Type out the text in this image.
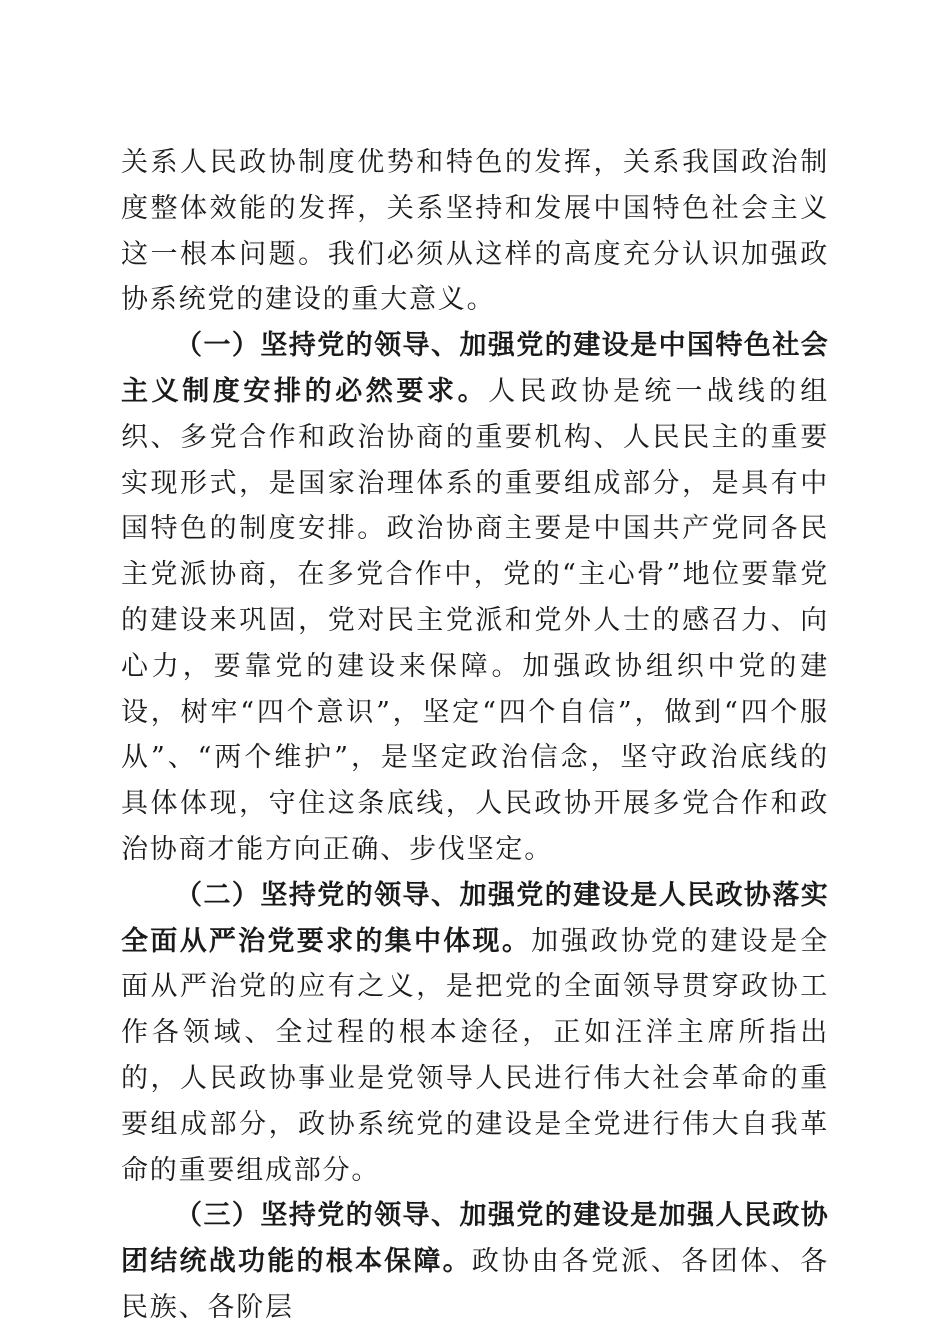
关系人民政协制度优势和特色的发挥，关系我国政治制度整体效能的发挥，关系坚持和发展中国特色社会主义这一根本问题。我们必须从这样的高度充分认识加强政协系统党的建设的重大意义。

（一）坚持党的领导、加强党的建设是中国特色社会主义制度安排的必然要求。人民政协是统一战线的组织、多党合作和政治协商的重要机构、人民民主的重要实现形式，是国家治理体系的重要组成部分，是具有中国特色的制度安排。政治协商主要是中国共产党同各民主党派协商，在多党合作中，党的“主心骨”地位要靠党的建设来巩固，党对民主党派和党外人士的感召力、向心力，要靠党的建设来保障。加强政协组织中党的建设，树牢“四个意识”，坚定“四个自信”，做到“四个服从”、“两个维护”，是坚定政治信念，坚守政治底线的具体体现，守住这条底线，人民政协开展多党合作和政治协商才能方向正确、步伐坚定。

（二）坚持党的领导、加强党的建设是人民政协落实全面从严治党要求的集中体现。加强政协党的建设是全面从严治党的应有之义，是把党的全面领导贯穿政协工作各领域、全过程的根本途径，正如汪洋主席所指出的，人民政协事业是党领导人民进行伟大社会革命的重要组成部分，政协系统党的建设是全党进行伟大自我革命的重要组成部分。

（三）坚持党的领导、加强党的建设是加强人民政协团结统战功能的根本保障。政协由各党派、各团体、各民族、各阶层
